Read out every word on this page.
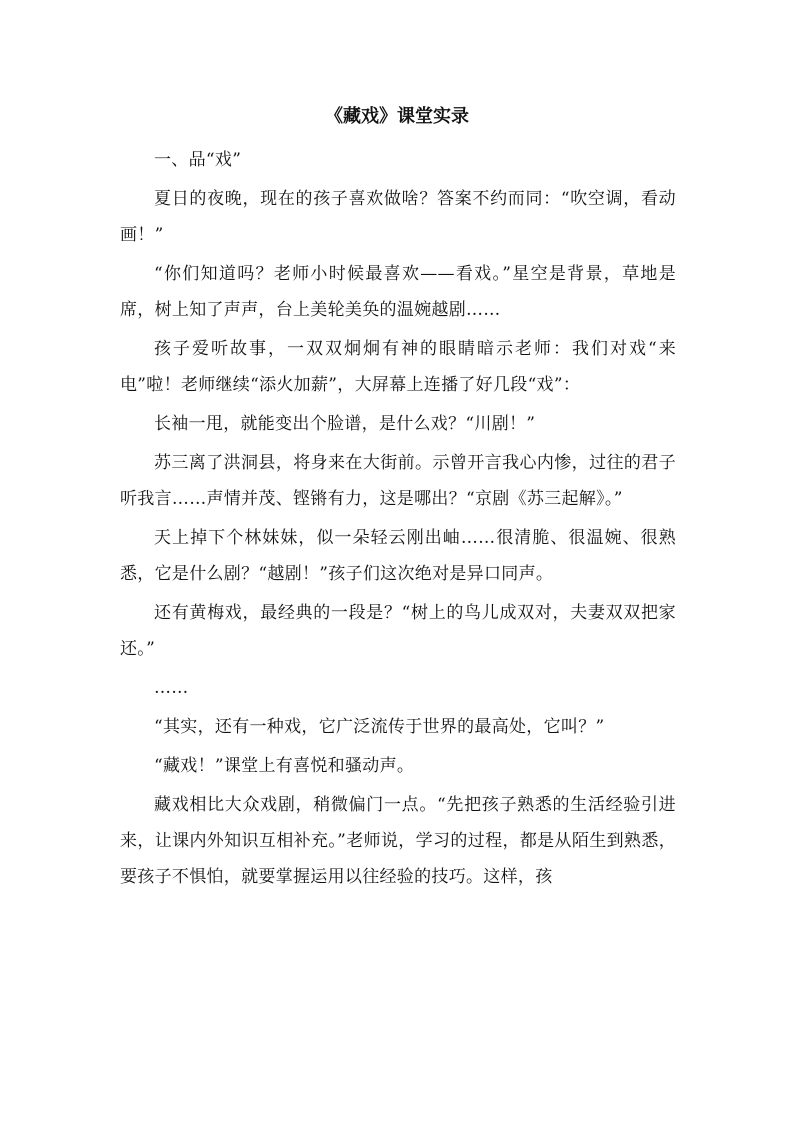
《藏戏》课堂实录

一、品“戏”

夏日的夜晚，现在的孩子喜欢做啥？答案不约而同：“吹空调，看动画！”

“你们知道吗？老师小时候最喜欢——看戏。”星空是背景，草地是席，树上知了声声，台上美轮美奂的温婉越剧……

孩子爱听故事，一双双炯炯有神的眼睛暗示老师：我们对戏“来电”啦！老师继续“添火加薪”，大屏幕上连播了好几段“戏”：

长袖一甩，就能变出个脸谱，是什么戏？“川剧！”

苏三离了洪洞县，将身来在大街前。示曾开言我心内惨，过往的君子听我言……声情并茂、铿锵有力，这是哪出？“京剧《苏三起解》。”

天上掉下个林妹妹，似一朵轻云刚出岫……很清脆、很温婉、很熟悉，它是什么剧？“越剧！”孩子们这次绝对是异口同声。

还有黄梅戏，最经典的一段是？“树上的鸟儿成双对，夫妻双双把家还。”

……

“其实，还有一种戏，它广泛流传于世界的最高处，它叫？”

“藏戏！”课堂上有喜悦和骚动声。

藏戏相比大众戏剧，稍微偏门一点。“先把孩子熟悉的生活经验引进来，让课内外知识互相补充。”老师说，学习的过程，都是从陌生到熟悉，要孩子不惧怕，就要掌握运用以往经验的技巧。这样，孩
